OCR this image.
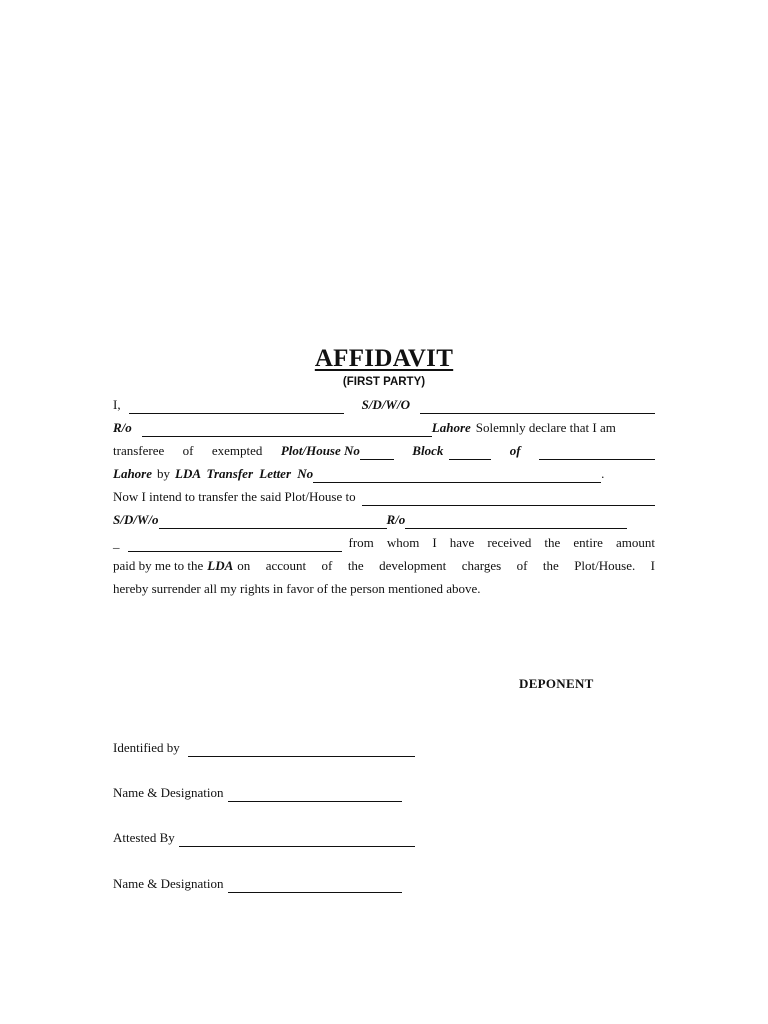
AFFIDAVIT
(FIRST PARTY)
I,	S/D/W/O
R/o	Lahore Solemnly declare that I am
transferee of exempted Plot/House No	Block	of
Lahore by LDA Transfer Letter No	.
Now I intend to transfer the said Plot/House to
S/D/W/o	R/o
_	from whom I have received the entire amount
paid by me to the LDA on account of the development charges of the Plot/House. I
hereby surrender all my rights in favor of the person mentioned above.
DEPONENT
Identified by
Name & Designation
Attested By
Name & Designation
